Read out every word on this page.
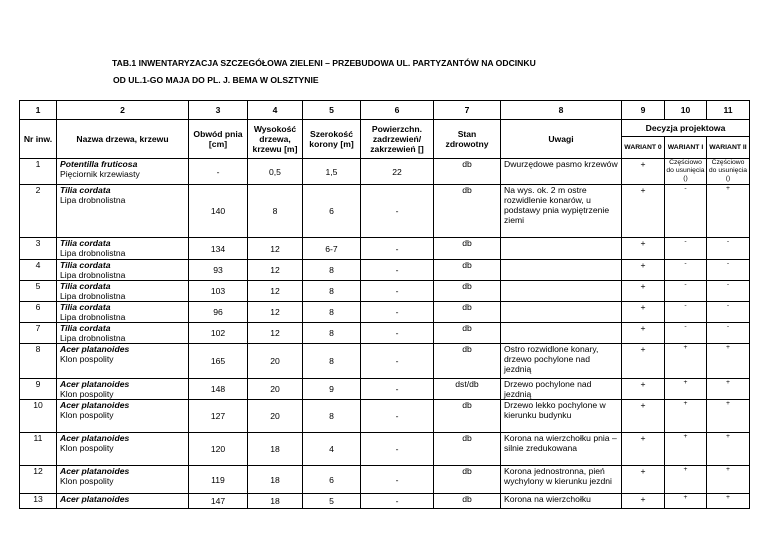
TAB.1 INWENTARYZACJA SZCZEGÓŁOWA ZIELENI – PRZEBUDOWA UL. PARTYZANTÓW NA ODCINKU
OD UL.1-GO MAJA DO PL. J. BEMA W OLSZTYNIE
1	2	3	4	5	6	7	8	9	10	11
Nr inw.	Nazwa drzewa, krzewu	Obwód pnia [cm]	Wysokość drzewa, krzewu [m]	Szerokość korony [m]	Powierzchn. zadrzewień/ zakrzewień []	Stan zdrowotny	Uwagi	Decyzja projektowa		
								WARIANT 0	WARIANT I	WARIANT II
1	Potentilla fruticosa
Pięciornik krzewiasty	-	0,5	1,5	22	db	Dwurzędowe pasmo krzewów	+	Częściowo do usunięcia ()	Częściowo do usunięcia ()
2	Tilia cordata
Lipa drobnolistna	140	8	6	-	db	Na wys. ok. 2 m ostre rozwidlenie konarów, u podstawy pnia wypiętrzenie ziemi	+	-	+
3	Tilia cordata
Lipa drobnolistna	134	12	6-7	-	db		+	-	-
4	Tilia cordata
Lipa drobnolistna	93	12	8	-	db		+	-	-
5	Tilia cordata
Lipa drobnolistna	103	12	8	-	db		+	-	-
6	Tilia cordata
Lipa drobnolistna	96	12	8	-	db		+	-	-
7	Tilia cordata
Lipa drobnolistna	102	12	8	-	db		+	-	-
8	Acer platanoides
Klon pospolity	165	20	8	-	db	Ostro rozwidlone konary, drzewo pochylone nad jezdnią	+	+	+
9	Acer platanoides
Klon pospolity	148	20	9	-	dst/db	Drzewo pochylone nad jezdnią	+	+	+
10	Acer platanoides
Klon pospolity	127	20	8	-	db	Drzewo lekko pochylone w kierunku budynku	+	+	+
11	Acer platanoides
Klon pospolity	120	18	4	-	db	Korona na wierzchołku pnia – silnie zredukowana	+	+	+
12	Acer platanoides
Klon pospolity	119	18	6	-	db	Korona jednostronna, pień wychylony w kierunku jezdni	+	+	+
13	Acer platanoides	147	18	5	-	db	Korona na wierzchołku	+	+	+
